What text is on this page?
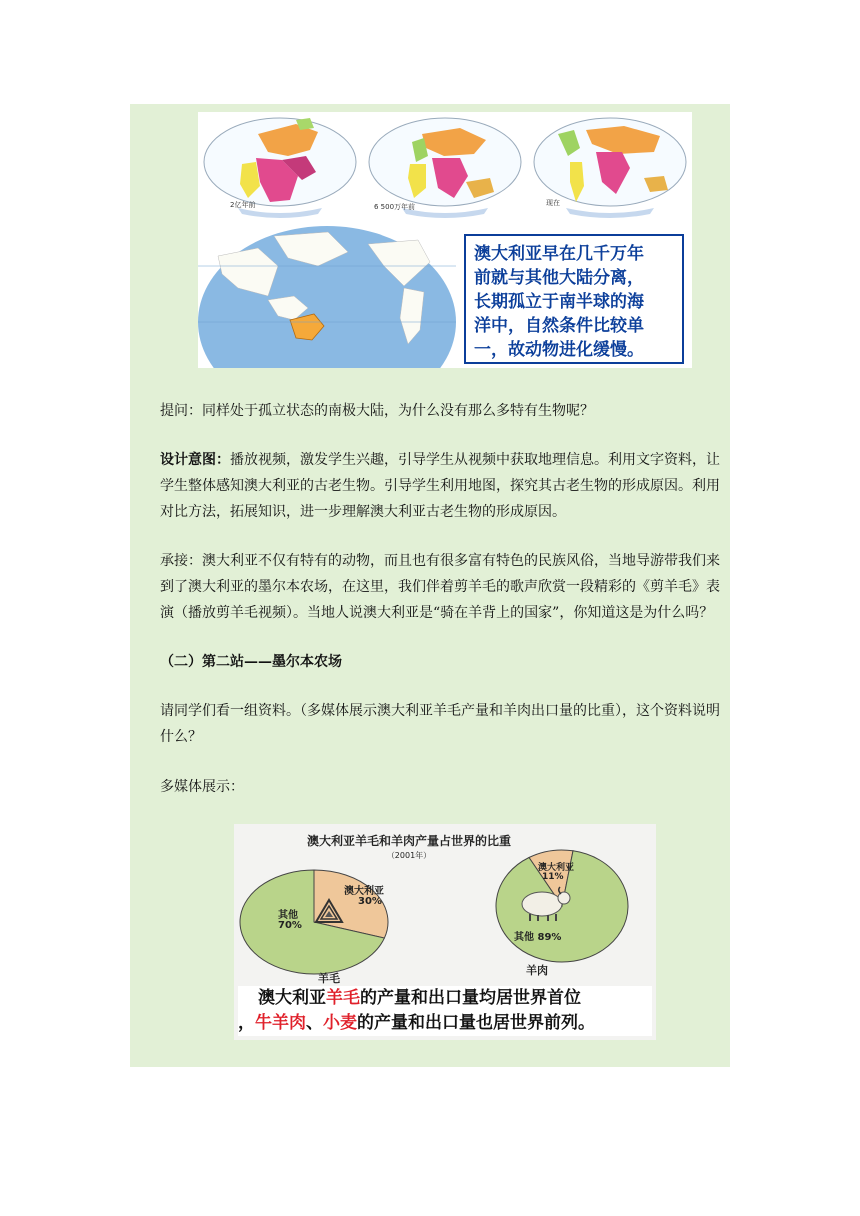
2亿年前	6 500万年前	现在
澳大利亚早在几千万年
前就与其他大陆分离，
长期孤立于南半球的海
洋中，自然条件比较单
一，故动物进化缓慢。

提问：同样处于孤立状态的南极大陆，为什么没有那么多特有生物呢？

设计意图：播放视频，激发学生兴趣，引导学生从视频中获取地理信息。利用文字资料，让学生整体感知澳大利亚的古老生物。引导学生利用地图，探究其古老生物的形成原因。利用对比方法，拓展知识，进一步理解澳大利亚古老生物的形成原因。

承接：澳大利亚不仅有特有的动物，而且也有很多富有特色的民族风俗，当地导游带我们来到了澳大利亚的墨尔本农场，在这里，我们伴着剪羊毛的歌声欣赏一段精彩的《剪羊毛》表演（播放剪羊毛视频）。当地人说澳大利亚是“骑在羊背上的国家”，你知道这是为什么吗？

（二）第二站——墨尔本农场

请同学们看一组资料。（多媒体展示澳大利亚羊毛产量和羊肉出口量的比重），这个资料说明什么？

多媒体展示：

澳大利亚羊毛和羊肉产量占世界的比重
（2001年）
澳大利亚
30%
其他
70%
羊毛
澳大利亚
11%
其他 89%
羊肉
澳大利亚羊毛的产量和出口量均居世界首位
，牛羊肉、小麦的产量和出口量也居世界前列。
